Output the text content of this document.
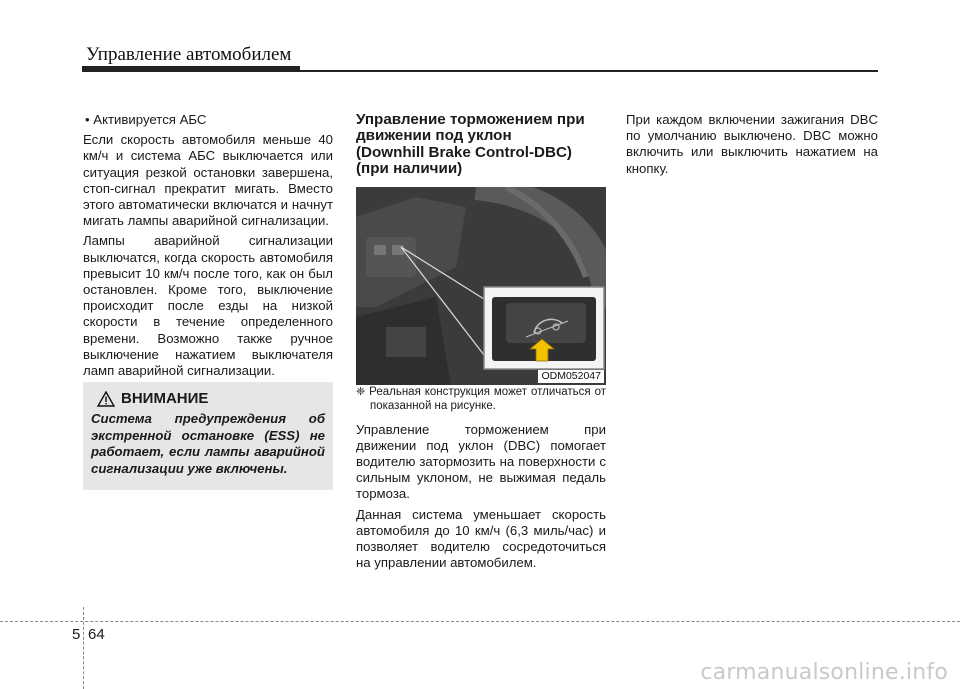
Управление автомобилем

• Активируется АБС

Если скорость автомобиля меньше 40 км/ч и система АБС выключается или ситуация резкой остановки завершена, стоп-сигнал прекратит мигать. Вместо этого автоматически включатся и начнут мигать лампы аварийной сигнализации.

Лампы аварийной сигнализации выключатся, когда скорость автомобиля превысит 10 км/ч после того, как он был остановлен. Кроме того, выключение происходит после езды на низкой скорости в течение определенного времени. Возможно также ручное выключение нажатием выключателя ламп аварийной сигнализации.

ВНИМАНИЕ
Система предупреждения об экстренной остановке (ESS) не работает, если лампы аварийной сигнализации уже включены.
Управление торможением при
движении под уклон
(Downhill Brake Control-DBC)
(при наличии)
ODM052047

❈ Реальная конструкция может отличаться от показанной на рисунке.

Управление торможением при движении под уклон (DBC) помогает водителю затормозить на поверхности с сильным уклоном, не выжимая педаль тормоза.

Данная система уменьшает скорость автомобиля до 10 км/ч (6,3 миль/час) и позволяет водителю сосредоточиться на управлении автомобилем.

При каждом включении зажигания DBC по умолчанию выключено. DBC можно включить или выключить нажатием на кнопку.

5 64
carmanualsonline.info
